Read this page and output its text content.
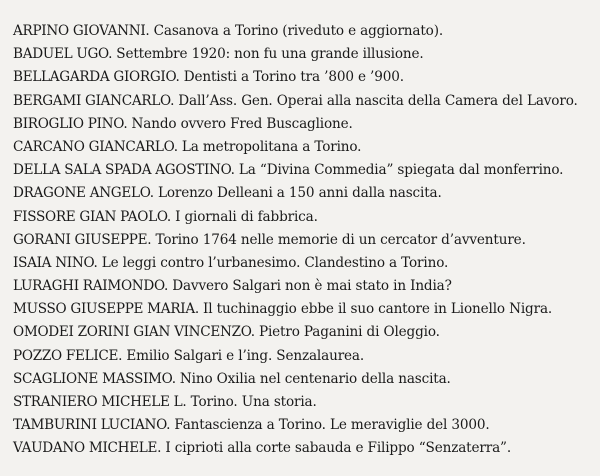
ARPINO GIOVANNI. Casanova a Torino (riveduto e aggiornato).
BADUEL UGO. Settembre 1920: non fu una grande illusione.
BELLAGARDA GIORGIO. Dentisti a Torino tra ’800 e ’900.
BERGAMI GIANCARLO. Dall’Ass. Gen. Operai alla nascita della Camera del Lavoro.
BIROGLIO PINO. Nando ovvero Fred Buscaglione.
CARCANO GIANCARLO. La metropolitana a Torino.
DELLA SALA SPADA AGOSTINO. La “Divina Commedia” spiegata dal monferrino.
DRAGONE ANGELO. Lorenzo Delleani a 150 anni dalla nascita.
FISSORE GIAN PAOLO. I giornali di fabbrica.
GORANI GIUSEPPE. Torino 1764 nelle memorie di un cercator d’avventure.
ISAIA NINO. Le leggi contro l’urbanesimo. Clandestino a Torino.
LURAGHI RAIMONDO. Davvero Salgari non è mai stato in India?
MUSSO GIUSEPPE MARIA. Il tuchinaggio ebbe il suo cantore in Lionello Nigra.
OMODEI ZORINI GIAN VINCENZO. Pietro Paganini di Oleggio.
POZZO FELICE. Emilio Salgari e l’ing. Senzalaurea.
SCAGLIONE MASSIMO. Nino Oxilia nel centenario della nascita.
STRANIERO MICHELE L. Torino. Una storia.
TAMBURINI LUCIANO. Fantascienza a Torino. Le meraviglie del 3000.
VAUDANO MICHELE. I ciprioti alla corte sabauda e Filippo “Senzaterra”.
